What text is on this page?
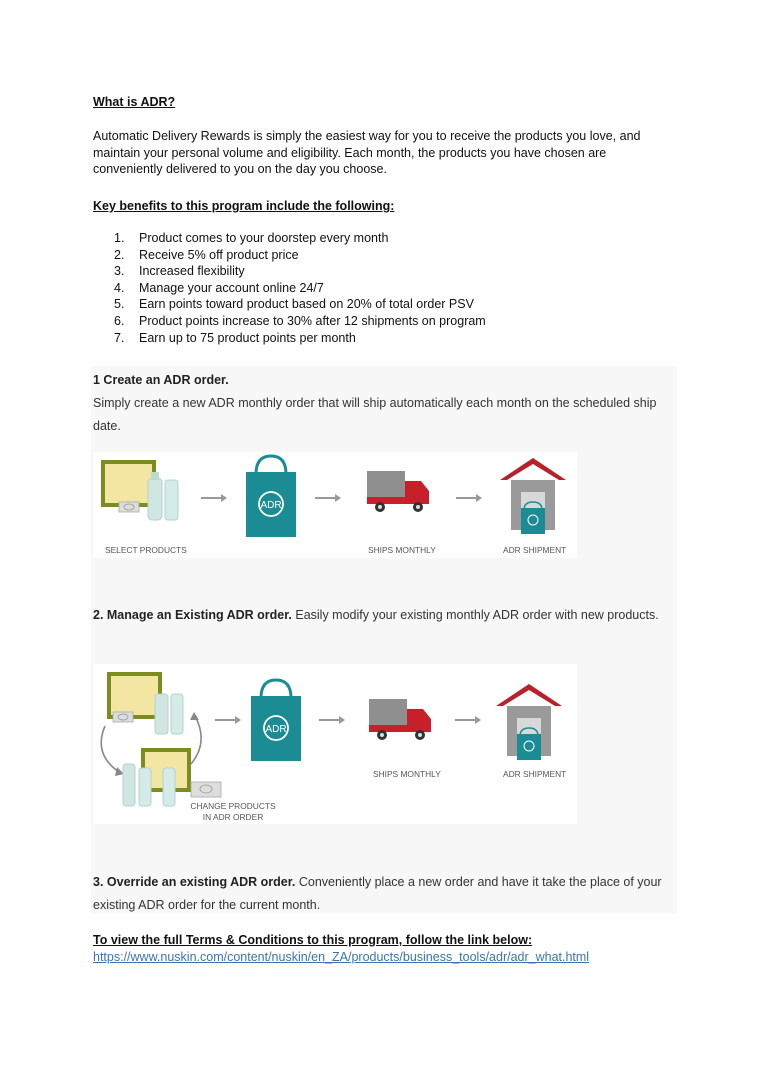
What is ADR?
Automatic Delivery Rewards is simply the easiest way for you to receive the products you love, and maintain your personal volume and eligibility. Each month, the products you have chosen are conveniently delivered to you on the day you choose.
Key benefits to this program include the following:
1.	Product comes to your doorstep every month
2.	Receive 5% off product price
3.	Increased flexibility
4.	Manage your account online 24/7
5.	Earn points toward product based on 20% of total order PSV
6.	Product points increase to 30% after 12 shipments on program
7.	Earn up to 75 product points per month
1 Create an ADR order.
Simply create a new ADR monthly order that will ship automatically each month on the scheduled ship date.
ADR
SELECT PRODUCTS	SHIPS MONTHLY	ADR SHIPMENT
2. Manage an Existing ADR order. Easily modify your existing monthly ADR order with new products.
ADR
SHIPS MONTHLY	ADR SHIPMENT
CHANGE PRODUCTS
IN ADR ORDER
3. Override an existing ADR order. Conveniently place a new order and have it take the place of your existing ADR order for the current month.
To view the full Terms & Conditions to this program, follow the link below:
https://www.nuskin.com/content/nuskin/en_ZA/products/business_tools/adr/adr_what.html
